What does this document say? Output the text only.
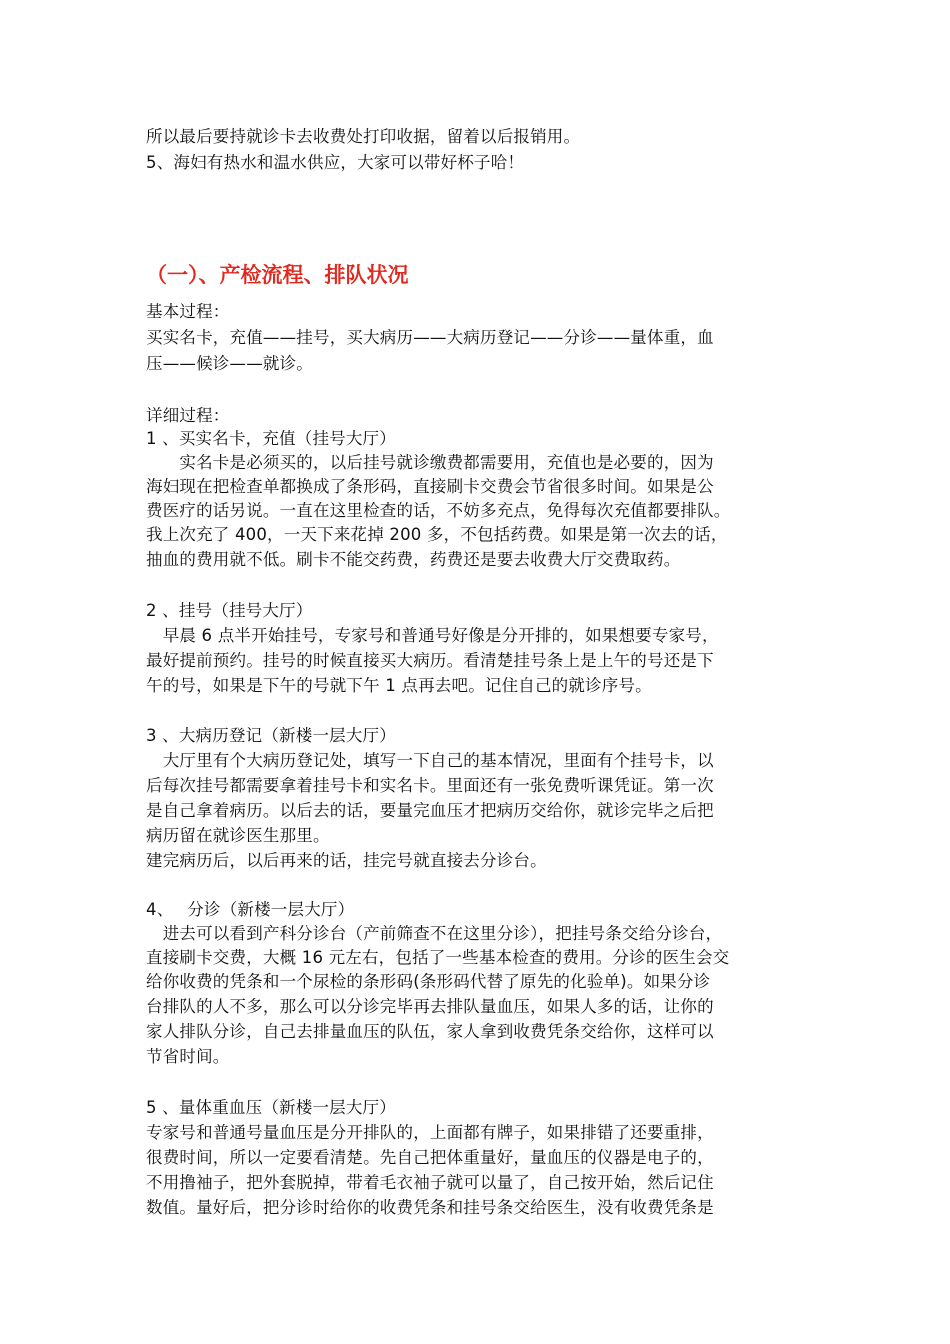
所以最后要持就诊卡去收费处打印收据，留着以后报销用。
5、海妇有热水和温水供应，大家可以带好杯子哈！
（一）、产检流程、排队状况
基本过程：
买实名卡，充值——挂号，买大病历——大病历登记——分诊——量体重，血
压——候诊——就诊。
详细过程：
1 、买实名卡，充值（挂号大厅）
　　实名卡是必须买的，以后挂号就诊缴费都需要用，充值也是必要的，因为
海妇现在把检查单都换成了条形码，直接刷卡交费会节省很多时间。如果是公
费医疗的话另说。一直在这里检查的话，不妨多充点，免得每次充值都要排队。
我上次充了 400，一天下来花掉 200 多，不包括药费。如果是第一次去的话，
抽血的费用就不低。刷卡不能交药费，药费还是要去收费大厅交费取药。
2 、挂号（挂号大厅）
　早晨 6 点半开始挂号，专家号和普通号好像是分开排的，如果想要专家号，
最好提前预约。挂号的时候直接买大病历。看清楚挂号条上是上午的号还是下
午的号，如果是下午的号就下午 1 点再去吧。记住自己的就诊序号。
3 、大病历登记（新楼一层大厅）
　大厅里有个大病历登记处，填写一下自己的基本情况，里面有个挂号卡，以
后每次挂号都需要拿着挂号卡和实名卡。里面还有一张免费听课凭证。第一次
是自己拿着病历。以后去的话，要量完血压才把病历交给你，就诊完毕之后把
病历留在就诊医生那里。
建完病历后，以后再来的话，挂完号就直接去分诊台。
4、　 分诊（新楼一层大厅）
　进去可以看到产科分诊台（产前筛查不在这里分诊），把挂号条交给分诊台，
直接刷卡交费，大概 16 元左右，包括了一些基本检查的费用。分诊的医生会交
给你收费的凭条和一个尿检的条形码(条形码代替了原先的化验单)。如果分诊
台排队的人不多，那么可以分诊完毕再去排队量血压，如果人多的话，让你的
家人排队分诊，自己去排量血压的队伍，家人拿到收费凭条交给你，这样可以
节省时间。
5 、量体重血压（新楼一层大厅）
专家号和普通号量血压是分开排队的，上面都有牌子，如果排错了还要重排，
很费时间，所以一定要看清楚。先自己把体重量好，量血压的仪器是电子的，
不用撸袖子，把外套脱掉，带着毛衣袖子就可以量了，自己按开始，然后记住
数值。量好后，把分诊时给你的收费凭条和挂号条交给医生，没有收费凭条是
